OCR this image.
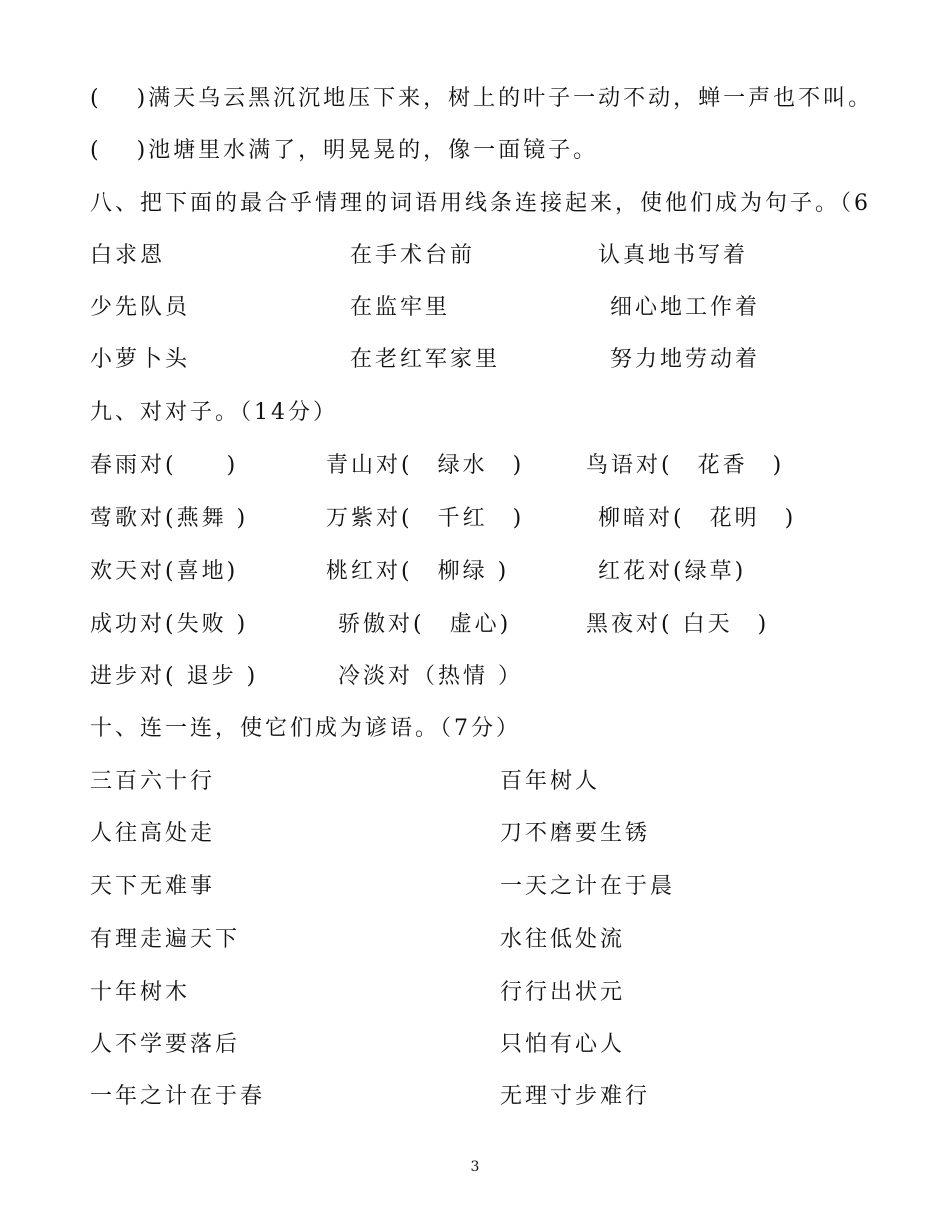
(　 )满天乌云黑沉沉地压下来，树上的叶子一动不动，蝉一声也不叫。
(　 )池塘里水满了，明晃晃的，像一面镜子。
八、把下面的最合乎情理的词语用线条连接起来，使他们成为句子。（6
白求恩	在手术台前	认真地书写着
少先队员	在监牢里	细心地工作着
小萝卜头	在老红军家里	努力地劳动着
九、对对子。（14分）
春雨对(　　)	青山对(　绿水　)	鸟语对(　花香　)
莺歌对(燕舞 )	万紫对(　千红　)	柳暗对(　花明　)
欢天对(喜地)	桃红对(　柳绿 )	红花对(绿草)
成功对(失败 )	骄傲对(　虚心)	黑夜对( 白天　)
进步对( 退步 )	冷淡对（热情 ）
十、连一连，使它们成为谚语。（7分）
三百六十行	百年树人
人往高处走	刀不磨要生锈
天下无难事	一天之计在于晨
有理走遍天下	水往低处流
十年树木	行行出状元
人不学要落后	只怕有心人
一年之计在于春	无理寸步难行
3
